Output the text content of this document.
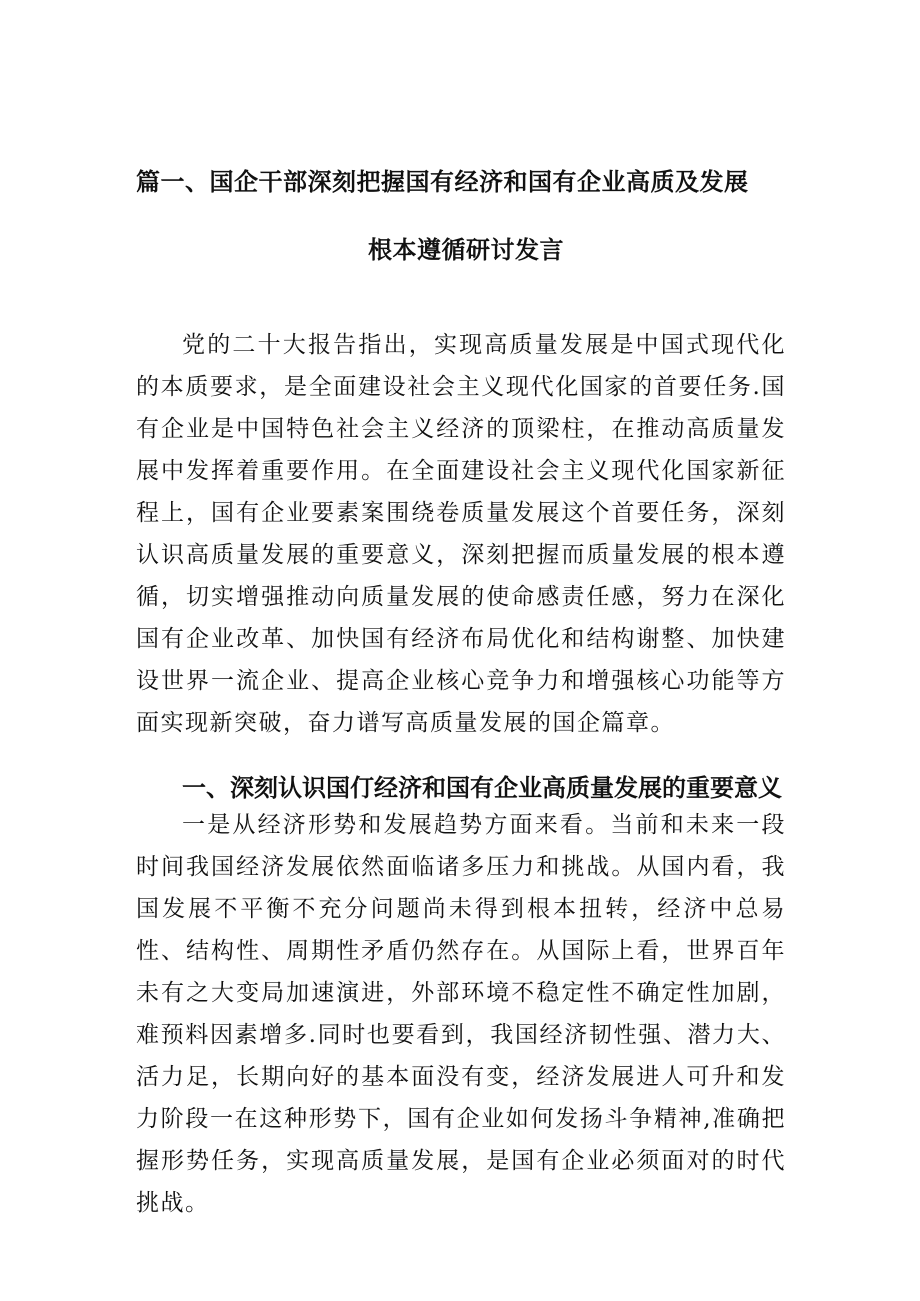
篇一、国企干部深刻把握国有经济和国有企业高质及发展
根本遵循研讨发言

党的二十大报告指出，实现高质量发展是中国式现代化的本质要求，是全面建设社会主义现代化国家的首要任务.国有企业是中国特色社会主义经济的顶梁柱，在推动高质量发展中发挥着重要作用。在全面建设社会主义现代化国家新征程上，国有企业要素案围绕卷质量发展这个首要任务，深刻认识高质量发展的重要意义，深刻把握而质量发展的根本遵循，切实增强推动向质量发展的使命感责任感，努力在深化国有企业改革、加快国有经济布局优化和结构谢整、加快建设世界一流企业、提高企业核心竞争力和增强核心功能等方面实现新突破，奋力谱写高质量发展的国企篇章。

一、深刻认识国仃经济和国有企业高质量发展的重要意义

一是从经济形势和发展趋势方面来看。当前和未来一段时间我国经济发展依然面临诸多压力和挑战。从国内看，我国发展不平衡不充分问题尚未得到根本扭转，经济中总易性、结构性、周期性矛盾仍然存在。从国际上看，世界百年未有之大变局加速演进，外部环境不稳定性不确定性加剧，难预料因素增多.同时也要看到，我国经济韧性强、潜力大、活力足，长期向好的基本面没有变，经济发展进人可升和发力阶段一在这种形势下，国有企业如何发扬斗争精神,准确把握形势任务，实现高质量发展，是国有企业必须面对的时代挑战。
